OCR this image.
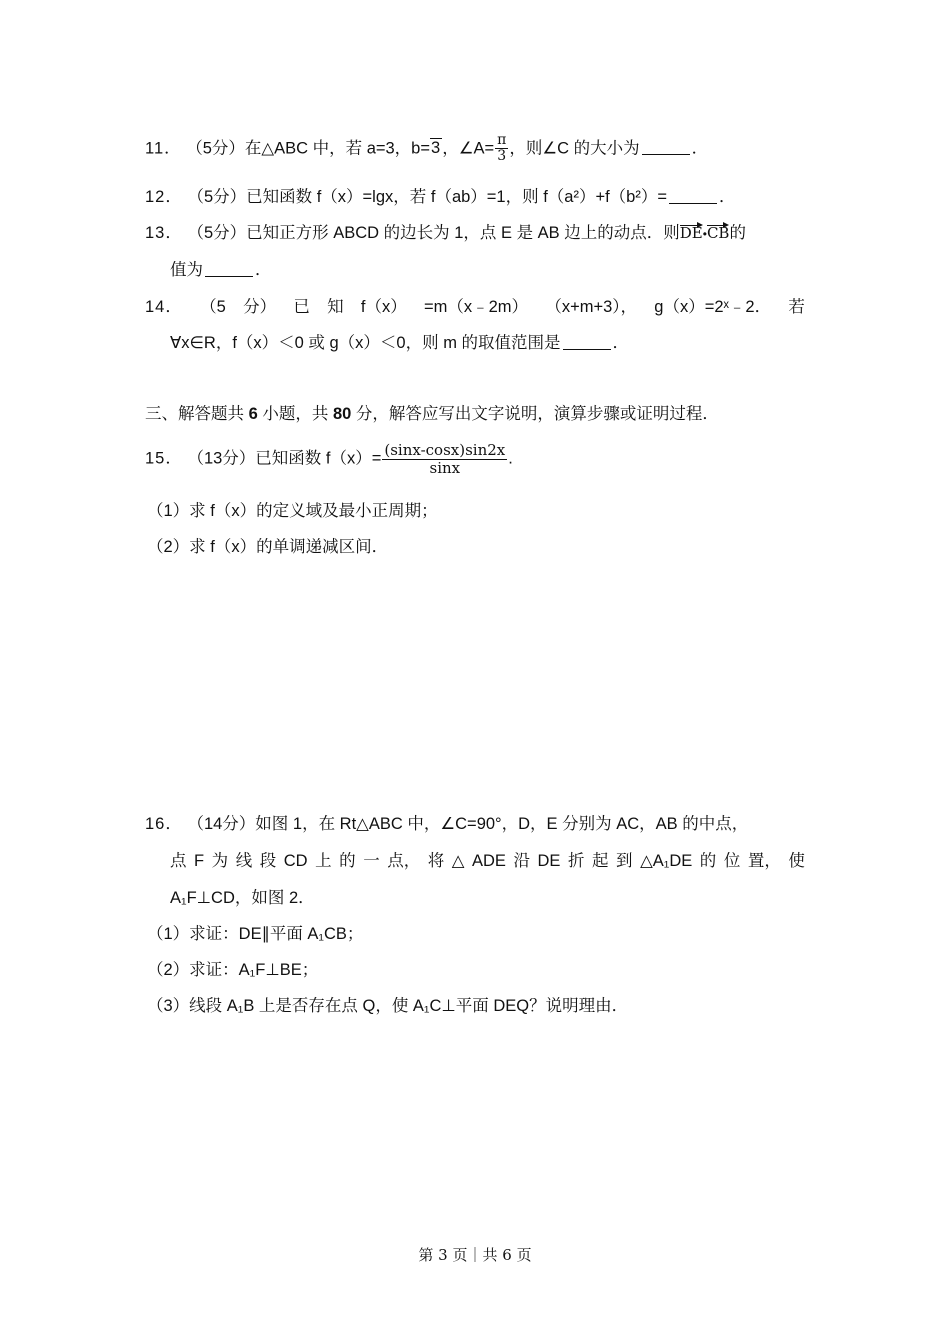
11． （5分）在△ABC 中，若 a=3，b=3 ，∠A= $\frac{\pi}{3}$ ，则∠C 的大小为	．
12． （5分）已知函数 f（x）=lgx，若 f（ab）=1，则 f（a²）+f（b²）=	．
13． （5分）已知正方形 ABCD 的边长为 1，点 E 是 AB 边上的动点．则DE•CB的
值为	．
14． （5 分） 已 知 f（x） =m（x﹣2m） （x+m+3）， g（x）=2ˣ﹣2． 若
∀x∈R，f（x）＜0 或 g（x）＜0，则 m 的取值范围是	．
三、解答题共 6 小题，共 80 分，解答应写出文字说明，演算步骤或证明过程．
15． （13分）已知函数 $f(x)= \frac{(\sin x-\cos x)\sin 2x}{\sin x}$ .
（1）求 f（x）的定义域及最小正周期；
（2）求 f（x）的单调递减区间．
16． （14分）如图 1，在 Rt△ABC 中，∠C=90°，D，E 分别为 AC，AB 的中点，
点 F 为 线 段 CD 上 的 一 点， 将 △ ADE 沿 DE 折 起 到 △A₁DE 的 位 置， 使
A₁F⊥CD，如图 2．
（1）求证：DE∥平面 A₁CB；
（2）求证：A₁F⊥BE；
（3）线段 A₁B 上是否存在点 Q，使 A₁C⊥平面 DEQ？说明理由．
第 3 页｜共 6 页
